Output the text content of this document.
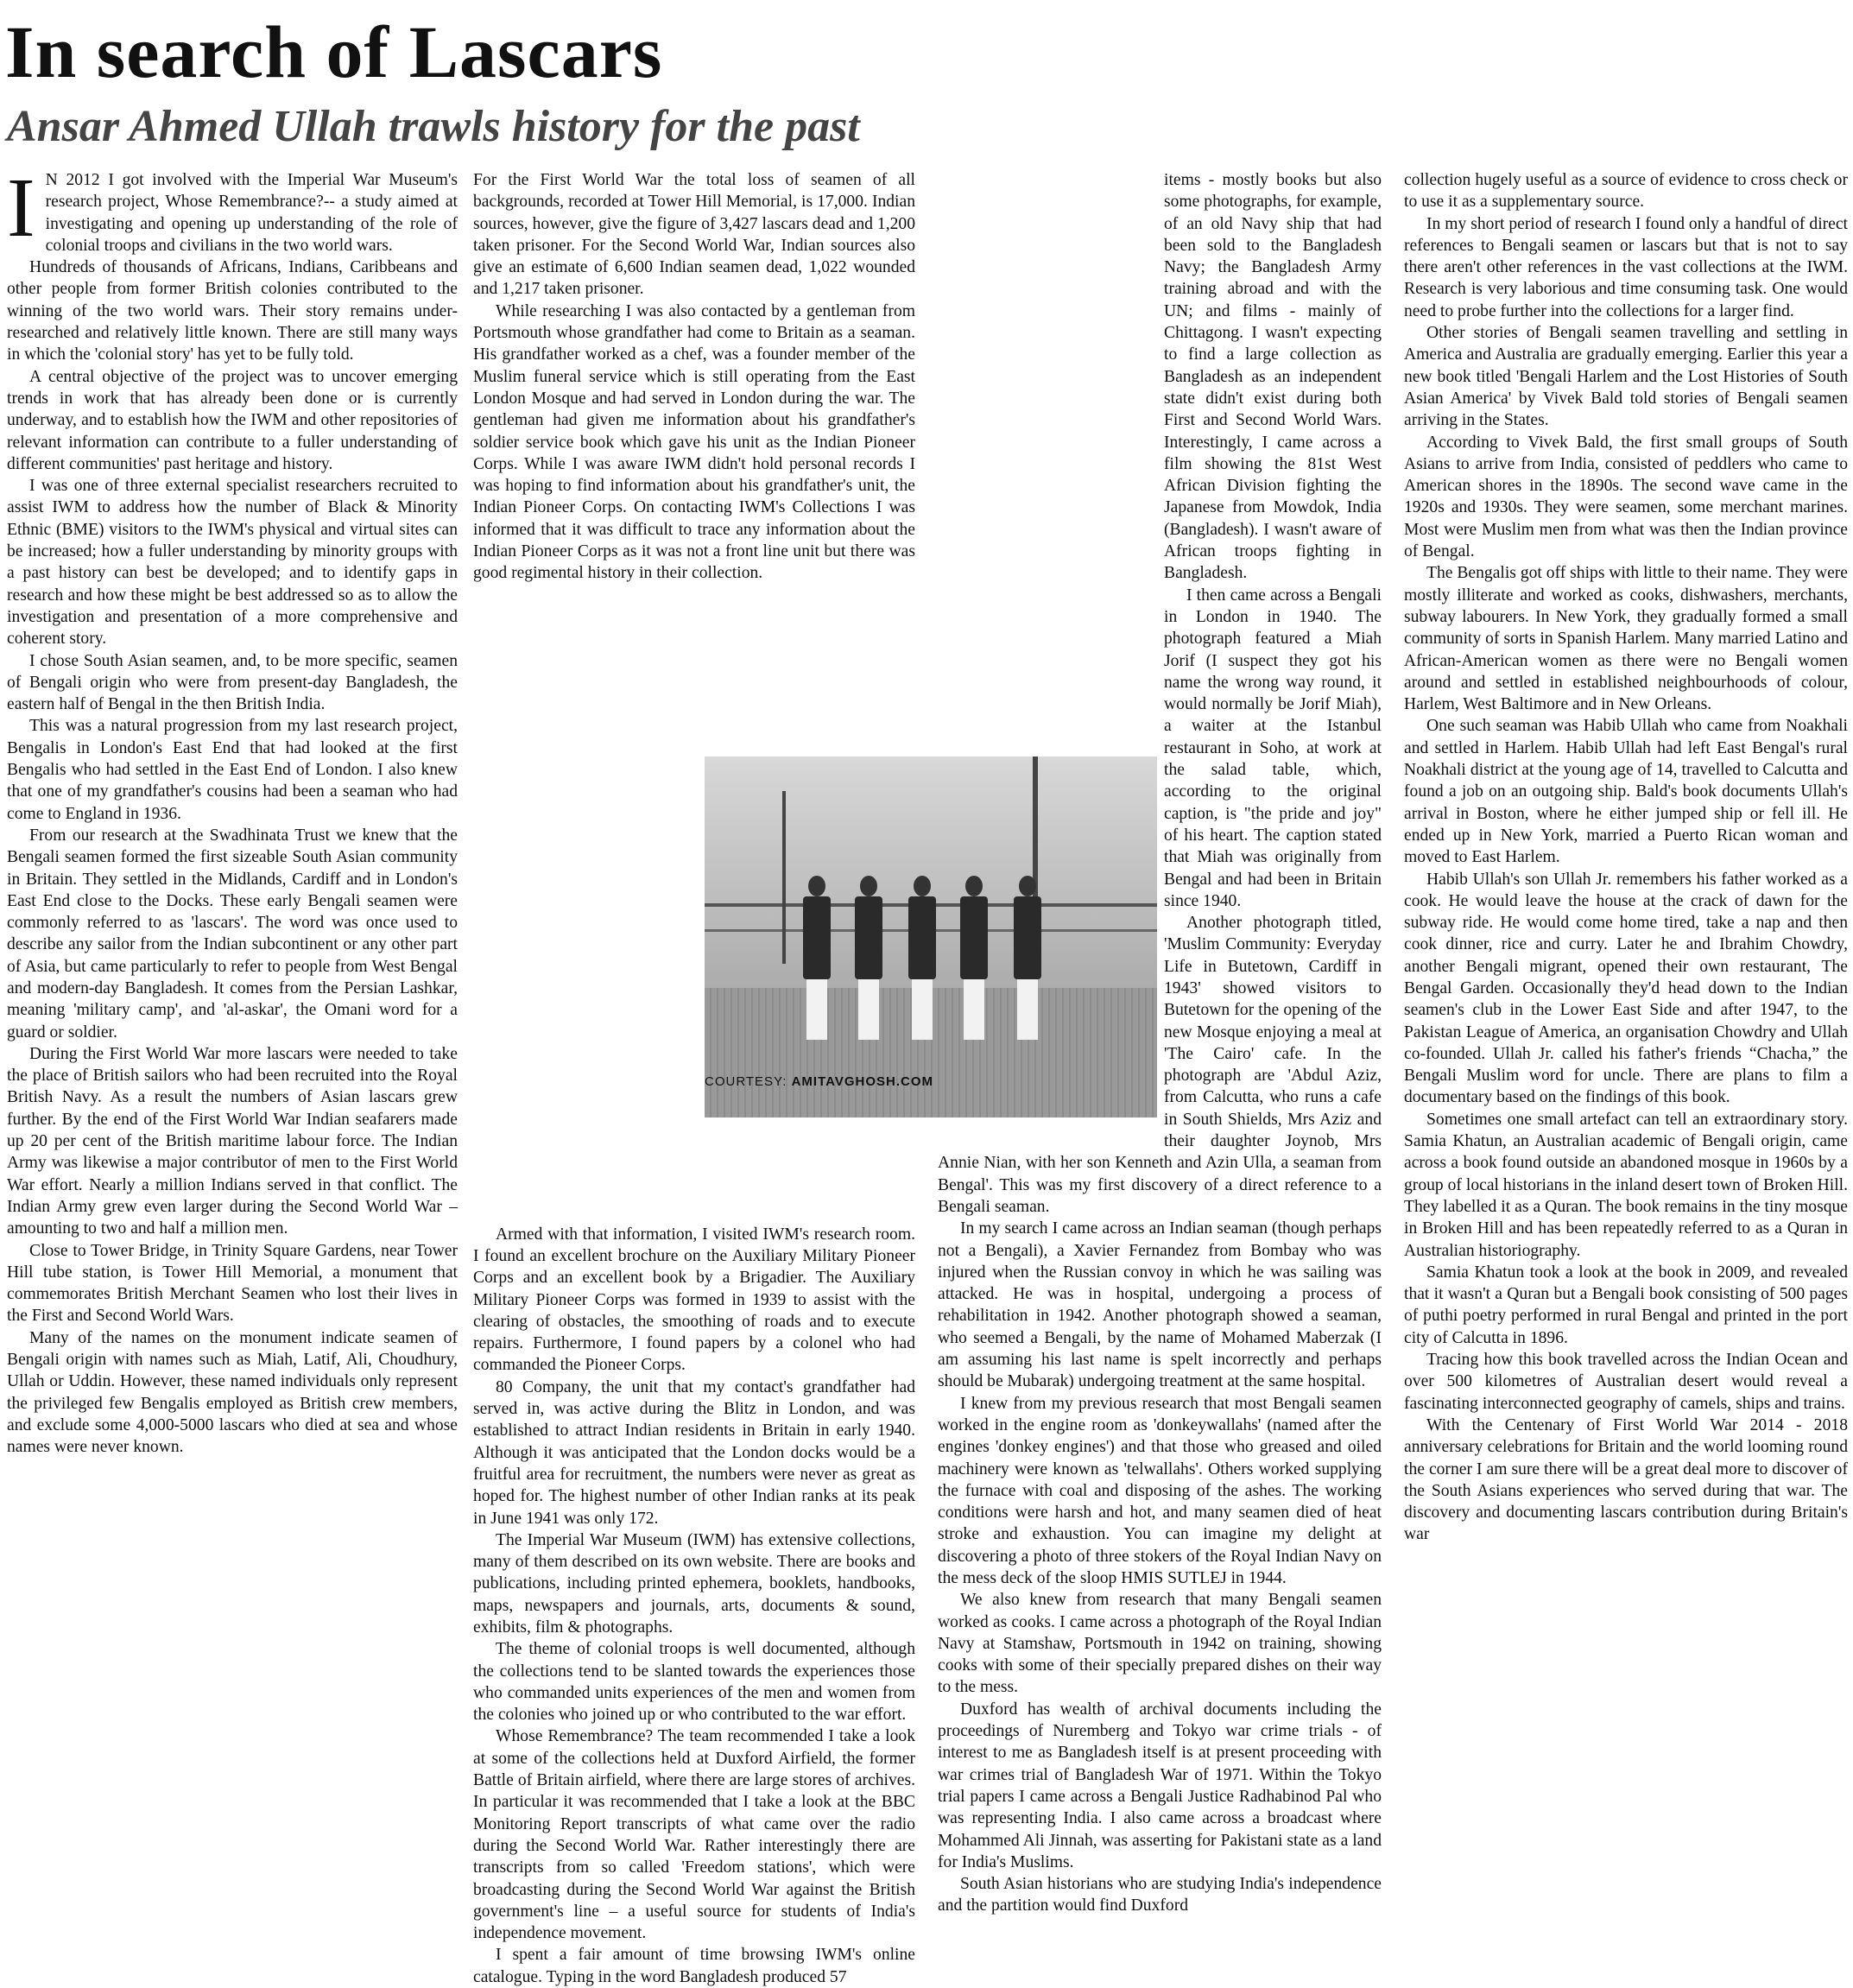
In search of Lascars
Ansar Ahmed Ullah trawls history for the past

I N 2012 I got involved with the Imperial War Museum's research project, Whose Remembrance?-- a study aimed at investigating and opening up understanding of the role of colonial troops and civilians in the two world wars.

Hundreds of thousands of Africans, Indians, Caribbeans and other people from former British colonies contributed to the winning of the two world wars. Their story remains under-researched and relatively little known. There are still many ways in which the 'colonial story' has yet to be fully told.

A central objective of the project was to uncover emerging trends in work that has already been done or is currently underway, and to establish how the IWM and other repositories of relevant information can contribute to a fuller understanding of different communities' past heritage and history.

I was one of three external specialist researchers recruited to assist IWM to address how the number of Black & Minority Ethnic (BME) visitors to the IWM's physical and virtual sites can be increased; how a fuller understanding by minority groups with a past history can best be developed; and to identify gaps in research and how these might be best addressed so as to allow the investigation and presentation of a more comprehensive and coherent story.

I chose South Asian seamen, and, to be more specific, seamen of Bengali origin who were from present-day Bangladesh, the eastern half of Bengal in the then British India.

This was a natural progression from my last research project, Bengalis in London's East End that had looked at the first Bengalis who had settled in the East End of London. I also knew that one of my grandfather's cousins had been a seaman who had come to England in 1936.

From our research at the Swadhinata Trust we knew that the Bengali seamen formed the first sizeable South Asian community in Britain. They settled in the Midlands, Cardiff and in London's East End close to the Docks. These early Bengali seamen were commonly referred to as 'lascars'. The word was once used to describe any sailor from the Indian subcontinent or any other part of Asia, but came particularly to refer to people from West Bengal and modern-day Bangladesh. It comes from the Persian Lashkar, meaning 'military camp', and 'al-askar', the Omani word for a guard or soldier.

During the First World War more lascars were needed to take the place of British sailors who had been recruited into the Royal British Navy. As a result the numbers of Asian lascars grew further. By the end of the First World War Indian seafarers made up 20 per cent of the British maritime labour force. The Indian Army was likewise a major contributor of men to the First World War effort. Nearly a million Indians served in that conflict. The Indian Army grew even larger during the Second World War – amounting to two and half a million men.

Close to Tower Bridge, in Trinity Square Gardens, near Tower Hill tube station, is Tower Hill Memorial, a monument that commemorates British Merchant Seamen who lost their lives in the First and Second World Wars.

Many of the names on the monument indicate seamen of Bengali origin with names such as Miah, Latif, Ali, Choudhury, Ullah or Uddin. However, these named individuals only represent the privileged few Bengalis employed as British crew members, and exclude some 4,000-5000 lascars who died at sea and whose names were never known.

For the First World War the total loss of seamen of all backgrounds, recorded at Tower Hill Memorial, is 17,000. Indian sources, however, give the figure of 3,427 lascars dead and 1,200 taken prisoner. For the Second World War, Indian sources also give an estimate of 6,600 Indian seamen dead, 1,022 wounded and 1,217 taken prisoner.

While researching I was also contacted by a gentleman from Portsmouth whose grandfather had come to Britain as a seaman. His grandfather worked as a chef, was a founder member of the Muslim funeral service which is still operating from the East London Mosque and had served in London during the war. The gentleman had given me information about his grandfather's soldier service book which gave his unit as the Indian Pioneer Corps. While I was aware IWM didn't hold personal records I was hoping to find information about his grandfather's unit, the Indian Pioneer Corps. On contacting IWM's Collections I was informed that it was difficult to trace any information about the Indian Pioneer Corps as it was not a front line unit but there was good regimental history in their collection.

Armed with that information, I visited IWM's research room. I found an excellent brochure on the Auxiliary Military Pioneer Corps and an excellent book by a Brigadier. The Auxiliary Military Pioneer Corps was formed in 1939 to assist with the clearing of obstacles, the smoothing of roads and to execute repairs. Furthermore, I found papers by a colonel who had commanded the Pioneer Corps.

80 Company, the unit that my contact's grandfather had served in, was active during the Blitz in London, and was established to attract Indian residents in Britain in early 1940. Although it was anticipated that the London docks would be a fruitful area for recruitment, the numbers were never as great as hoped for. The highest number of other Indian ranks at its peak in June 1941 was only 172.

The Imperial War Museum (IWM) has extensive collections, many of them described on its own website. There are books and publications, including printed ephemera, booklets, handbooks, maps, newspapers and journals, arts, documents & sound, exhibits, film & photographs.

The theme of colonial troops is well documented, although the collections tend to be slanted towards the experiences those who commanded units experiences of the men and women from the colonies who joined up or who contributed to the war effort.

Whose Remembrance? The team recommended I take a look at some of the collections held at Duxford Airfield, the former Battle of Britain airfield, where there are large stores of archives. In particular it was recommended that I take a look at the BBC Monitoring Report transcripts of what came over the radio during the Second World War. Rather interestingly there are transcripts from so called 'Freedom stations', which were broadcasting during the Second World War against the British government's line – a useful source for students of India's independence movement.

I spent a fair amount of time browsing IWM's online catalogue. Typing in the word Bangladesh produced 57

items - mostly books but also some photographs, for example, of an old Navy ship that had been sold to the Bangladesh Navy; the Bangladesh Army training abroad and with the UN; and films - mainly of Chittagong. I wasn't expecting to find a large collection as Bangladesh as an independent state didn't exist during both First and Second World Wars. Interestingly, I came across a film showing the 81st West African Division fighting the Japanese from Mowdok, India (Bangladesh). I wasn't aware of African troops fighting in Bangladesh.

I then came across a Bengali in London in 1940. The photograph featured a Miah Jorif (I suspect they got his name the wrong way round, it would normally be Jorif Miah), a waiter at the Istanbul restaurant in Soho, at work at the salad table, which, according to the original caption, is "the pride and joy" of his heart. The caption stated that Miah was originally from Bengal and had been in Britain since 1940.

Another photograph titled, 'Muslim Community: Everyday Life in Butetown, Cardiff in 1943' showed visitors to Butetown for the opening of the new Mosque enjoying a meal at 'The Cairo' cafe. In the photograph are 'Abdul Aziz, from Calcutta, who runs a cafe in South Shields, Mrs Aziz and their daughter Joynob, Mrs Annie Nian, with her son Kenneth and Azin Ulla, a seaman from Bengal'. This was my first discovery of a direct reference to a Bengali seaman.

In my search I came across an Indian seaman (though perhaps not a Bengali), a Xavier Fernandez from Bombay who was injured when the Russian convoy in which he was sailing was attacked. He was in hospital, undergoing a process of rehabilitation in 1942. Another photograph showed a seaman, who seemed a Bengali, by the name of Mohamed Maberzak (I am assuming his last name is spelt incorrectly and perhaps should be Mubarak) undergoing treatment at the same hospital.

I knew from my previous research that most Bengali seamen worked in the engine room as 'donkeywallahs' (named after the engines 'donkey engines') and that those who greased and oiled machinery were known as 'telwallahs'. Others worked supplying the furnace with coal and disposing of the ashes. The working conditions were harsh and hot, and many seamen died of heat stroke and exhaustion. You can imagine my delight at discovering a photo of three stokers of the Royal Indian Navy on the mess deck of the sloop HMIS SUTLEJ in 1944.

We also knew from research that many Bengali seamen worked as cooks. I came across a photograph of the Royal Indian Navy at Stamshaw, Portsmouth in 1942 on training, showing cooks with some of their specially prepared dishes on their way to the mess.

Duxford has wealth of archival documents including the proceedings of Nuremberg and Tokyo war crime trials - of interest to me as Bangladesh itself is at present proceeding with war crimes trial of Bangladesh War of 1971. Within the Tokyo trial papers I came across a Bengali Justice Radhabinod Pal who was representing India. I also came across a broadcast where Mohammed Ali Jinnah, was asserting for Pakistani state as a land for India's Muslims.

South Asian historians who are studying India's independence and the partition would find Duxford

collection hugely useful as a source of evidence to cross check or to use it as a supplementary source.

In my short period of research I found only a handful of direct references to Bengali seamen or lascars but that is not to say there aren't other references in the vast collections at the IWM. Research is very laborious and time consuming task. One would need to probe further into the collections for a larger find.

Other stories of Bengali seamen travelling and settling in America and Australia are gradually emerging. Earlier this year a new book titled 'Bengali Harlem and the Lost Histories of South Asian America' by Vivek Bald told stories of Bengali seamen arriving in the States.

According to Vivek Bald, the first small groups of South Asians to arrive from India, consisted of peddlers who came to American shores in the 1890s. The second wave came in the 1920s and 1930s. They were seamen, some merchant marines. Most were Muslim men from what was then the Indian province of Bengal.

The Bengalis got off ships with little to their name. They were mostly illiterate and worked as cooks, dishwashers, merchants, subway labourers. In New York, they gradually formed a small community of sorts in Spanish Harlem. Many married Latino and African-American women as there were no Bengali women around and settled in established neighbourhoods of colour, Harlem, West Baltimore and in New Orleans.

One such seaman was Habib Ullah who came from Noakhali and settled in Harlem. Habib Ullah had left East Bengal's rural Noakhali district at the young age of 14, travelled to Calcutta and found a job on an outgoing ship. Bald's book documents Ullah's arrival in Boston, where he either jumped ship or fell ill. He ended up in New York, married a Puerto Rican woman and moved to East Harlem.

Habib Ullah's son Ullah Jr. remembers his father worked as a cook. He would leave the house at the crack of dawn for the subway ride. He would come home tired, take a nap and then cook dinner, rice and curry. Later he and Ibrahim Chowdry, another Bengali migrant, opened their own restaurant, The Bengal Garden. Occasionally they'd head down to the Indian seamen's club in the Lower East Side and after 1947, to the Pakistan League of America, an organisation Chowdry and Ullah co-founded. Ullah Jr. called his father's friends “Chacha,” the Bengali Muslim word for uncle. There are plans to film a documentary based on the findings of this book.

Sometimes one small artefact can tell an extraordinary story. Samia Khatun, an Australian academic of Bengali origin, came across a book found outside an abandoned mosque in 1960s by a group of local historians in the inland desert town of Broken Hill. They labelled it as a Quran. The book remains in the tiny mosque in Broken Hill and has been repeatedly referred to as a Quran in Australian historiography.

Samia Khatun took a look at the book in 2009, and revealed that it wasn't a Quran but a Bengali book consisting of 500 pages of puthi poetry performed in rural Bengal and printed in the port city of Calcutta in 1896.

Tracing how this book travelled across the Indian Ocean and over 500 kilometres of Australian desert would reveal a fascinating interconnected geography of camels, ships and trains.

With the Centenary of First World War 2014 - 2018 anniversary celebrations for Britain and the world looming round the corner I am sure there will be a great deal more to discover of the South Asians experiences who served during that war. The discovery and documenting lascars contribution during Britain's war

COURTESY: AMITAVGHOSH.COM
